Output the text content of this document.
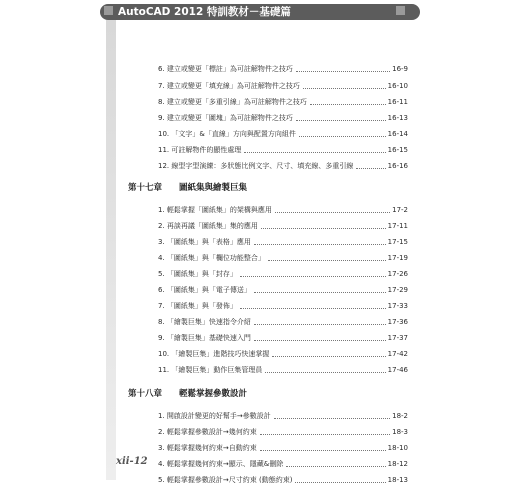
AutoCAD 2012 特訓教材－基礎篇
6. 建立或變更「標註」為可註解物件之技巧	16-9
7. 建立或變更「填充線」為可註解物件之技巧	16-10
8. 建立或變更「多重引線」為可註解物件之技巧	16-11
9. 建立或變更「圖塊」為可註解物件之技巧	16-13
10. 「文字」&「直線」方向與配置方向組件	16-14
11. 可註解物件的顯性處理	16-15
12. 線型字型演練：多狀態比例文字、尺寸、填充線、多重引線	16-16
第十七章 圖紙集與繪製巨集
1. 輕鬆掌握「圖紙集」的架構與應用	17-2
2. 再談再議「圖紙集」集的應用	17-11
3. 「圖紙集」與「表格」應用	17-15
4. 「圖紙集」與「欄位功能整合」	17-19
5. 「圖紙集」與「封存」	17-26
6. 「圖紙集」與「電子傳送」	17-29
7. 「圖紙集」與「發佈」	17-33
8. 「繪製巨集」快速指令介紹	17-36
9. 「繪製巨集」基礎快速入門	17-37
10. 「繪製巨集」進階技巧快速掌握	17-42
11. 「繪製巨集」動作巨集管理員	17-46
第十八章 輕鬆掌握參數設計
1. 開啟設計變更的好幫手→參數設計	18-2
2. 輕鬆掌握參數設計→幾何約束	18-3
3. 輕鬆掌握幾何約束→自動約束	18-10
4. 輕鬆掌握幾何約束→顯示、隱藏&刪除	18-12
5. 輕鬆掌握參數設計→尺寸約束 (動態約束)	18-13
xii-12
